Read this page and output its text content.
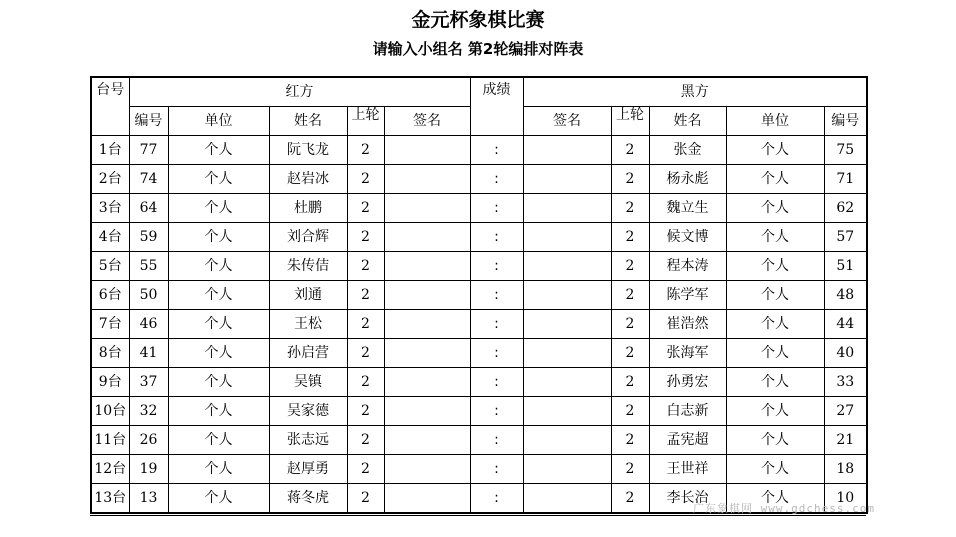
金元杯象棋比赛
请输入小组名 第2轮编排对阵表
台号	红方					成绩	黑方				
	编号	单位	姓名	上轮	签名		签名	上轮	姓名	单位	编号
1台	77	个人	阮飞龙	2		:		2	张金	个人	75
2台	74	个人	赵岩冰	2		:		2	杨永彪	个人	71
3台	64	个人	杜鹏	2		:		2	魏立生	个人	62
4台	59	个人	刘合辉	2		:		2	候文博	个人	57
5台	55	个人	朱传佶	2		:		2	程本涛	个人	51
6台	50	个人	刘通	2		:		2	陈学军	个人	48
7台	46	个人	王松	2		:		2	崔浩然	个人	44
8台	41	个人	孙启营	2		:		2	张海军	个人	40
9台	37	个人	吴镇	2		:		2	孙勇宏	个人	33
10台	32	个人	吴家德	2		:		2	白志新	个人	27
11台	26	个人	张志远	2		:		2	孟宪超	个人	21
12台	19	个人	赵厚勇	2		:		2	王世祥	个人	18
13台	13	个人	蒋冬虎	2		:		2	李长治	个人	10
广东象棋网 www.gdchess.com
